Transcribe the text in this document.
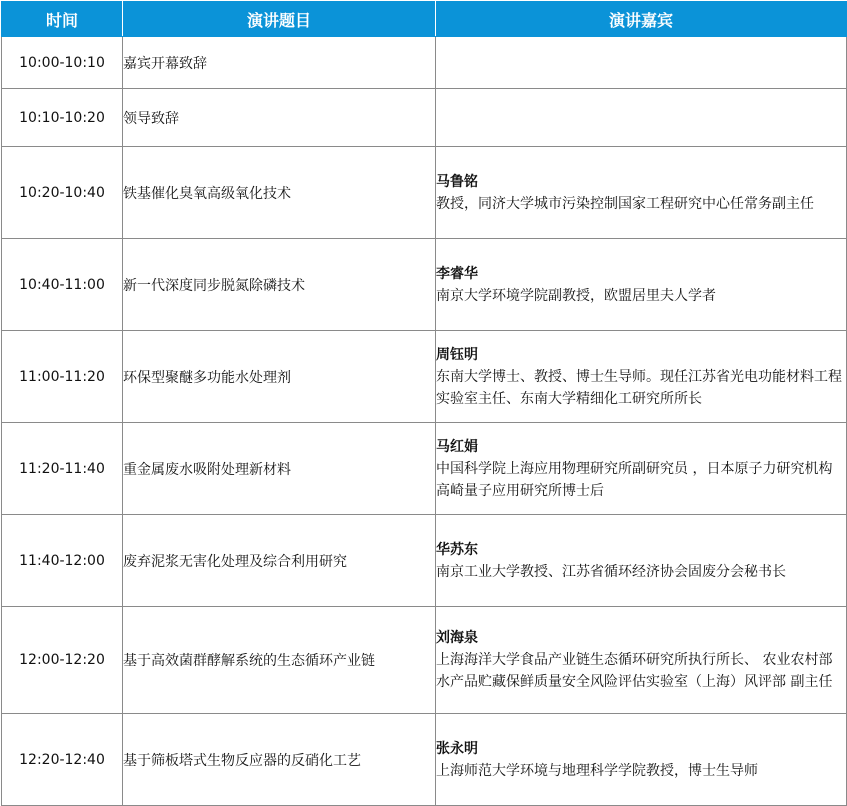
时间	演讲题目	演讲嘉宾
10:00-10:10	嘉宾开幕致辞	
10:10-10:20	领导致辞	
10:20-10:40	铁基催化臭氧高级氧化技术	马鲁铭
教授，同济大学城市污染控制国家工程研究中心任常务副主任

10:40-11:00	新一代深度同步脱氮除磷技术	李睿华
南京大学环境学院副教授，欧盟居里夫人学者

11:00-11:20	环保型聚醚多功能水处理剂	周钰明
东南大学博士、教授、博士生导师。现任江苏省光电功能材料工程实验室主任、东南大学精细化工研究所所长

11:20-11:40	重金属废水吸附处理新材料	马红娟
中国科学院上海应用物理研究所副研究员 ，日本原子力研究机构高崎量子应用研究所博士后

11:40-12:00	废弃泥浆无害化处理及综合利用研究	华苏东
南京工业大学教授、江苏省循环经济协会固废分会秘书长

12:00-12:20	基于高效菌群酵解系统的生态循环产业链	刘海泉
上海海洋大学食品产业链生态循环研究所执行所长、 农业农村部水产品贮藏保鲜质量安全风险评估实验室（上海）风评部 副主任

12:20-12:40	基于筛板塔式生物反应器的反硝化工艺	张永明
上海师范大学环境与地理科学学院教授，博士生导师
